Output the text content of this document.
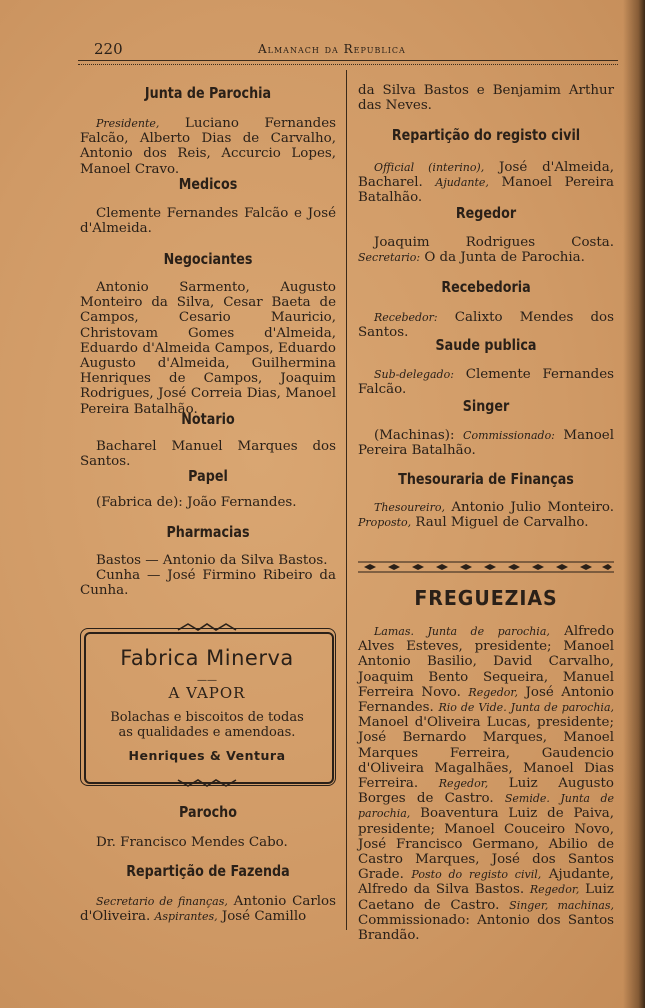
220	Almanach da Republica
Junta de Parochia

Presidente, Luciano Fernandes Falcão, Alberto Dias de Carvalho, Antonio dos Reis, Accurcio Lopes, Manoel Cravo.

Medicos

Clemente Fernandes Falcão e José d'Almeida.

Negociantes

Antonio Sarmento, Augusto Monteiro da Silva, Cesar Baeta de Campos, Cesario Mauricio, Christovam Gomes d'Almeida, Eduardo d'Almeida Campos, Eduardo Augusto d'Almeida, Guilhermina Henriques de Campos, Joaquim Rodrigues, José Correia Dias, Manoel Pereira Batalhão.

Notario

Bacharel Manuel Marques dos Santos.

Papel

(Fabrica de): João Fernandes.

Pharmacias

Bastos — Antonio da Silva Bastos.

Cunha — José Firmino Ribeiro da Cunha.

Fabrica Minerva
——
A VAPOR
Bolachas e biscoitos de todas
as qualidades e amendoas.
Henriques & Ventura
Parocho

Dr. Francisco Mendes Cabo.

Repartição de Fazenda

Secretario de finanças, Antonio Carlos d'Oliveira. Aspirantes, José Camillo

da Silva Bastos e Benjamim Arthur das Neves.

Repartição do registo civil

Official (interino), José d'Almeida, Bacharel. Ajudante, Manoel Pereira Batalhão.

Regedor

Joaquim Rodrigues Costa. Secretario: O da Junta de Parochia.

Recebedoria

Recebedor: Calixto Mendes dos Santos.

Saude publica

Sub-delegado: Clemente Fernandes Falcão.

Singer

(Machinas): Commissionado: Manoel Pereira Batalhão.

Thesouraria de Finanças

Thesoureiro, Antonio Julio Monteiro. Proposto, Raul Miguel de Carvalho.

FREGUEZIAS

Lamas. Junta de parochia, Alfredo Alves Esteves, presidente; Manoel Antonio Basilio, David Carvalho, Joaquim Bento Sequeira, Manuel Ferreira Novo. Regedor, José Antonio Fernandes. Rio de Vide. Junta de parochia, Manoel d'Oliveira Lucas, presidente; José Bernardo Marques, Manoel Marques Ferreira, Gaudencio d'Oliveira Magalhães, Manoel Dias Ferreira. Regedor, Luiz Augusto Borges de Castro. Semide. Junta de parochia, Boaventura Luiz de Paiva, presidente; Manoel Couceiro Novo, José Francisco Germano, Abilio de Castro Marques, José dos Santos Grade. Posto do registo civil, Ajudante, Alfredo da Silva Bastos. Regedor, Luiz Caetano de Castro. Singer, machinas, Commissionado: Antonio dos Santos Brandão.
